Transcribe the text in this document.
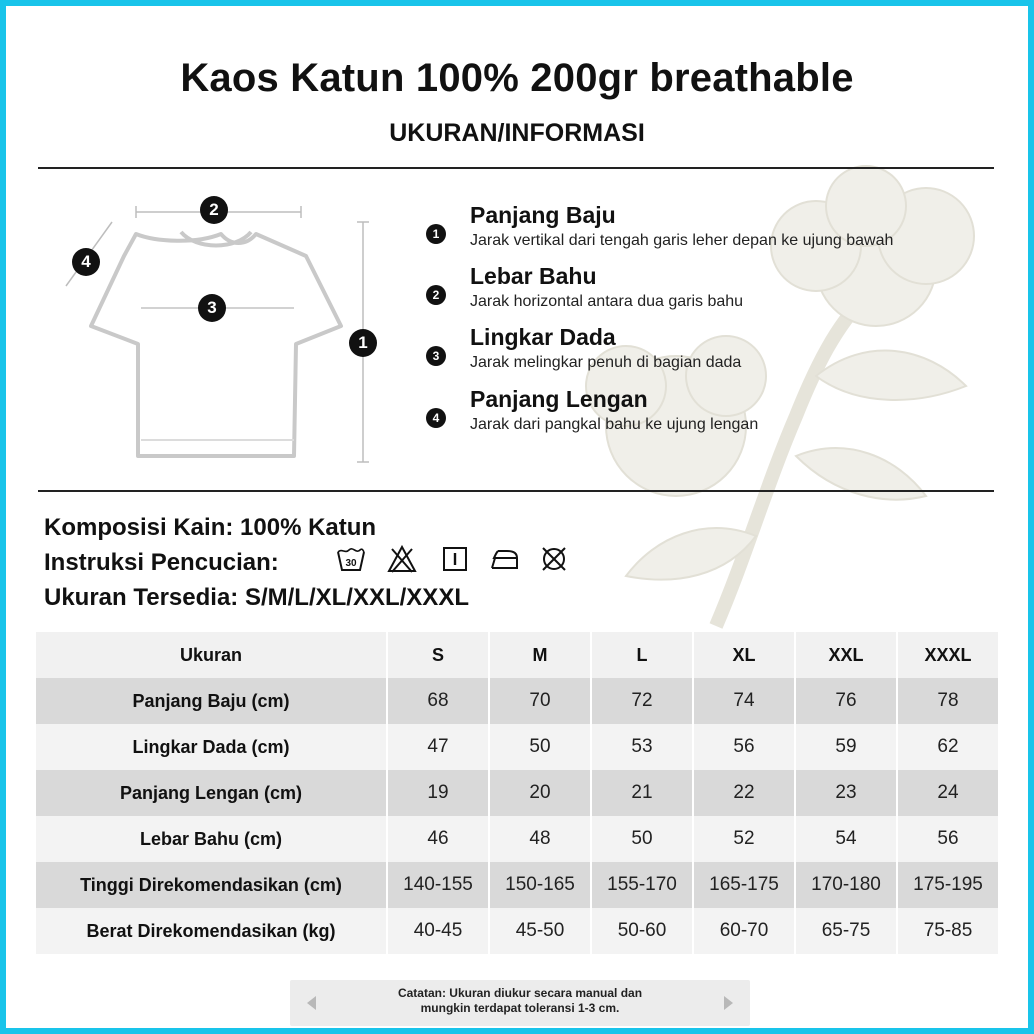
Kaos Katun 100% 200gr breathable
UKURAN/INFORMASI
2
4
3
1
1
Panjang Baju
Jarak vertikal dari tengah garis leher depan ke ujung bawah
2
Lebar Bahu
Jarak horizontal antara dua garis bahu
3
Lingkar Dada
Jarak melingkar penuh di bagian dada
4
Panjang Lengan
Jarak dari pangkal bahu ke ujung lengan
Komposisi Kain: 100% Katun
Instruksi Pencucian:
Ukuran Tersedia: S/M/L/XL/XXL/XXXL
30
Ukuran	S	M	L	XL	XXL	XXXL
Panjang Baju (cm)	68	70	72	74	76	78
Lingkar Dada (cm)	47	50	53	56	59	62
Panjang Lengan (cm)	19	20	21	22	23	24
Lebar Bahu (cm)	46	48	50	52	54	56
Tinggi Direkomendasikan (cm)	140-155	150-165	155-170	165-175	170-180	175-195
Berat Direkomendasikan (kg)	40-45	45-50	50-60	60-70	65-75	75-85
Catatan: Ukuran diukur secara manual dan
mungkin terdapat toleransi 1-3 cm.
